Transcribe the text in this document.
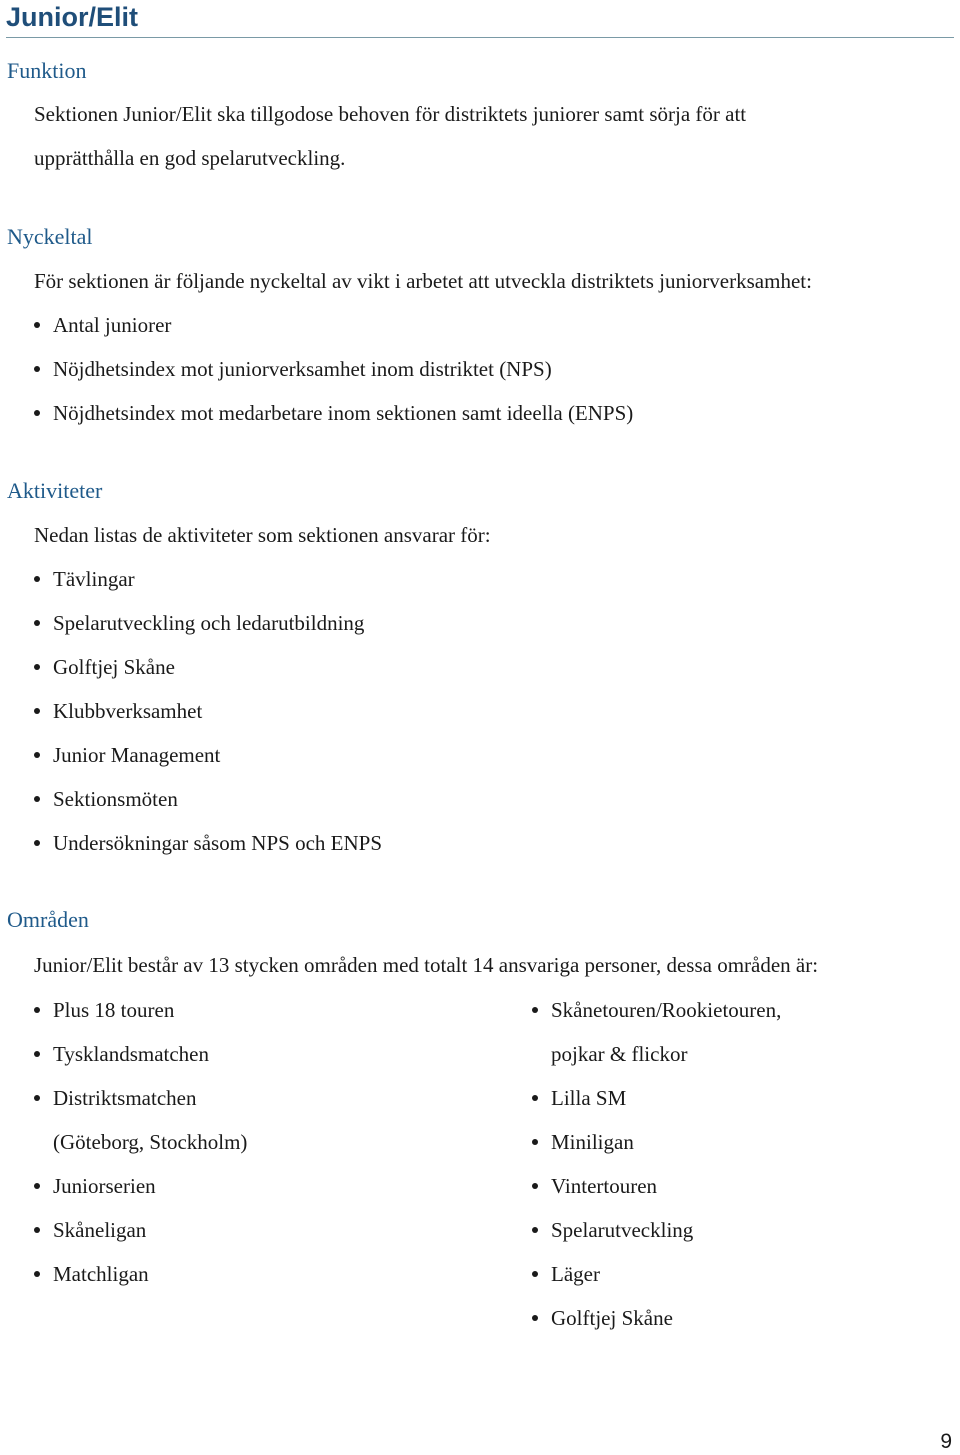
Junior/Elit
Funktion
Sektionen Junior/Elit ska tillgodose behoven för distriktets juniorer samt sörja för att
upprätthålla en god spelarutveckling.
Nyckeltal
För sektionen är följande nyckeltal av vikt i arbetet att utveckla distriktets juniorverksamhet:
Antal juniorer
Nöjdhetsindex mot juniorverksamhet inom distriktet (NPS)
Nöjdhetsindex mot medarbetare inom sektionen samt ideella (ENPS)
Aktiviteter
Nedan listas de aktiviteter som sektionen ansvarar för:
Tävlingar
Spelarutveckling och ledarutbildning
Golftjej Skåne
Klubbverksamhet
Junior Management
Sektionsmöten
Undersökningar såsom NPS och ENPS
Områden
Junior/Elit består av 13 stycken områden med totalt 14 ansvariga personer, dessa områden är:
Plus 18 touren
Tysklandsmatchen
Distriktsmatchen
(Göteborg, Stockholm)
Juniorserien
Skåneligan
Matchligan
Skånetouren/Rookietouren,
pojkar & flickor
Lilla SM
Miniligan
Vintertouren
Spelarutveckling
Läger
Golftjej Skåne
9
